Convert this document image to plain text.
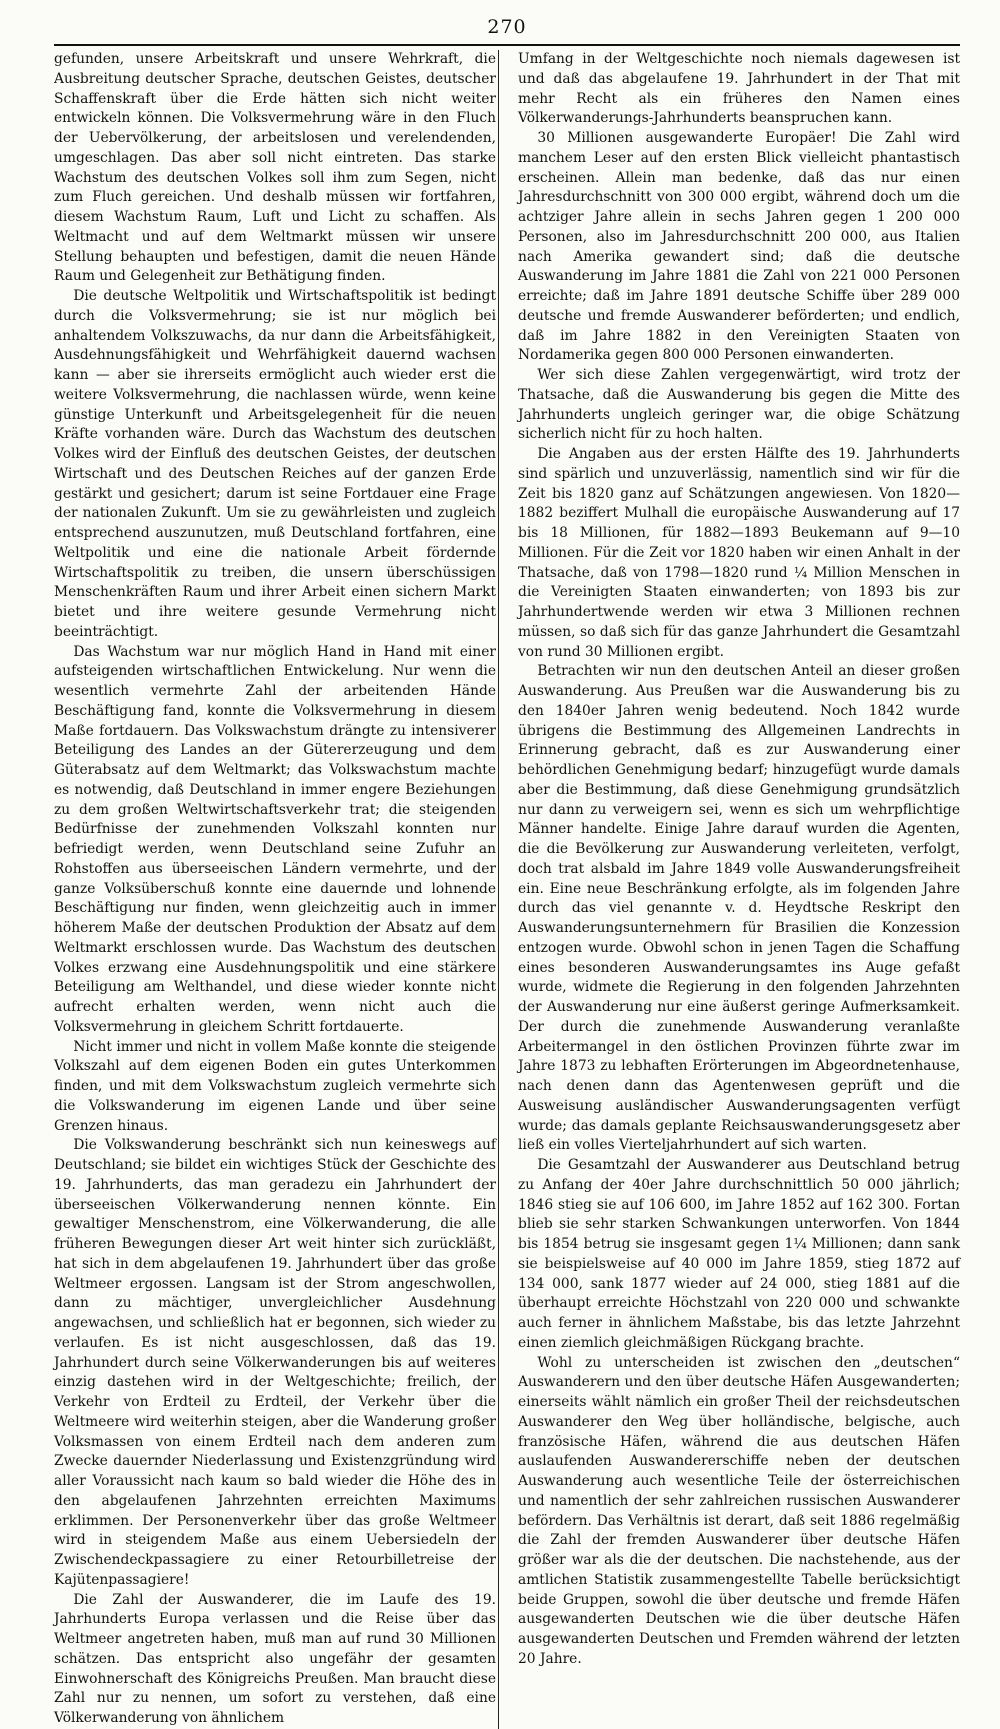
270

gefunden, unsere Arbeitskraft und unsere Wehrkraft, die Ausbreitung deutscher Sprache, deutschen Geistes, deutscher Schaffenskraft über die Erde hätten sich nicht weiter entwickeln können. Die Volksvermehrung wäre in den Fluch der Uebervölkerung, der arbeitslosen und verelendenden, umgeschlagen. Das aber soll nicht eintreten. Das starke Wachstum des deutschen Volkes soll ihm zum Segen, nicht zum Fluch gereichen. Und deshalb müssen wir fortfahren, diesem Wachstum Raum, Luft und Licht zu schaffen. Als Weltmacht und auf dem Weltmarkt müssen wir unsere Stellung behaupten und befestigen, damit die neuen Hände Raum und Gelegenheit zur Bethätigung finden.

Die deutsche Weltpolitik und Wirtschaftspolitik ist bedingt durch die Volksvermehrung; sie ist nur möglich bei anhaltendem Volkszuwachs, da nur dann die Arbeitsfähigkeit, Ausdehnungsfähigkeit und Wehrfähigkeit dauernd wachsen kann — aber sie ihrerseits ermöglicht auch wieder erst die weitere Volksvermehrung, die nachlassen würde, wenn keine günstige Unterkunft und Arbeitsgelegenheit für die neuen Kräfte vorhanden wäre. Durch das Wachstum des deutschen Volkes wird der Einfluß des deutschen Geistes, der deutschen Wirtschaft und des Deutschen Reiches auf der ganzen Erde gestärkt und gesichert; darum ist seine Fortdauer eine Frage der nationalen Zukunft. Um sie zu gewährleisten und zugleich entsprechend auszunutzen, muß Deutschland fortfahren, eine Weltpolitik und eine die nationale Arbeit fördernde Wirtschaftspolitik zu treiben, die unsern überschüssigen Menschenkräften Raum und ihrer Arbeit einen sichern Markt bietet und ihre weitere gesunde Vermehrung nicht beeinträchtigt.

Das Wachstum war nur möglich Hand in Hand mit einer aufsteigenden wirtschaftlichen Entwickelung. Nur wenn die wesentlich vermehrte Zahl der arbeitenden Hände Beschäftigung fand, konnte die Volksvermehrung in diesem Maße fortdauern. Das Volkswachstum drängte zu intensiverer Beteiligung des Landes an der Gütererzeugung und dem Güterabsatz auf dem Weltmarkt; das Volkswachstum machte es notwendig, daß Deutschland in immer engere Beziehungen zu dem großen Weltwirtschaftsverkehr trat; die steigenden Bedürfnisse der zunehmenden Volkszahl konnten nur befriedigt werden, wenn Deutschland seine Zufuhr an Rohstoffen aus überseeischen Ländern vermehrte, und der ganze Volksüberschuß konnte eine dauernde und lohnende Beschäftigung nur finden, wenn gleichzeitig auch in immer höherem Maße der deutschen Produktion der Absatz auf dem Weltmarkt erschlossen wurde. Das Wachstum des deutschen Volkes erzwang eine Ausdehnungspolitik und eine stärkere Beteiligung am Welthandel, und diese wieder konnte nicht aufrecht erhalten werden, wenn nicht auch die Volksvermehrung in gleichem Schritt fortdauerte.

Nicht immer und nicht in vollem Maße konnte die steigende Volkszahl auf dem eigenen Boden ein gutes Unterkommen finden, und mit dem Volkswachstum zugleich vermehrte sich die Volkswanderung im eigenen Lande und über seine Grenzen hinaus.

Die Volkswanderung beschränkt sich nun keineswegs auf Deutschland; sie bildet ein wichtiges Stück der Geschichte des 19. Jahrhunderts, das man geradezu ein Jahrhundert der überseeischen Völkerwanderung nennen könnte. Ein gewaltiger Menschenstrom, eine Völkerwanderung, die alle früheren Bewegungen dieser Art weit hinter sich zurückläßt, hat sich in dem abgelaufenen 19. Jahrhundert über das große Weltmeer ergossen. Langsam ist der Strom angeschwollen, dann zu mächtiger, unvergleichlicher Ausdehnung angewachsen, und schließlich hat er begonnen, sich wieder zu verlaufen. Es ist nicht ausgeschlossen, daß das 19. Jahrhundert durch seine Völkerwanderungen bis auf weiteres einzig dastehen wird in der Weltgeschichte; freilich, der Verkehr von Erdteil zu Erdteil, der Verkehr über die Weltmeere wird weiterhin steigen, aber die Wanderung großer Volksmassen von einem Erdteil nach dem anderen zum Zwecke dauernder Niederlassung und Existenzgründung wird aller Voraussicht nach kaum so bald wieder die Höhe des in den abgelaufenen Jahrzehnten erreichten Maximums erklimmen. Der Personenverkehr über das große Weltmeer wird in steigendem Maße aus einem Uebersiedeln der Zwischendeckpassagiere zu einer Retourbilletreise der Kajütenpassagiere!

Die Zahl der Auswanderer, die im Laufe des 19. Jahrhunderts Europa verlassen und die Reise über das Weltmeer angetreten haben, muß man auf rund 30 Millionen schätzen. Das entspricht also ungefähr der gesamten Einwohnerschaft des Königreichs Preußen. Man braucht diese Zahl nur zu nennen, um sofort zu verstehen, daß eine Völkerwanderung von ähnlichem

Umfang in der Weltgeschichte noch niemals dagewesen ist und daß das abgelaufene 19. Jahrhundert in der That mit mehr Recht als ein früheres den Namen eines Völkerwanderungs-Jahrhunderts beanspruchen kann.

30 Millionen ausgewanderte Europäer! Die Zahl wird manchem Leser auf den ersten Blick vielleicht phantastisch erscheinen. Allein man bedenke, daß das nur einen Jahresdurchschnitt von 300 000 ergibt, während doch um die achtziger Jahre allein in sechs Jahren gegen 1 200 000 Personen, also im Jahresdurchschnitt 200 000, aus Italien nach Amerika gewandert sind; daß die deutsche Auswanderung im Jahre 1881 die Zahl von 221 000 Personen erreichte; daß im Jahre 1891 deutsche Schiffe über 289 000 deutsche und fremde Auswanderer beförderten; und endlich, daß im Jahre 1882 in den Vereinigten Staaten von Nordamerika gegen 800 000 Personen einwanderten.

Wer sich diese Zahlen vergegenwärtigt, wird trotz der Thatsache, daß die Auswanderung bis gegen die Mitte des Jahrhunderts ungleich geringer war, die obige Schätzung sicherlich nicht für zu hoch halten.

Die Angaben aus der ersten Hälfte des 19. Jahrhunderts sind spärlich und unzuverlässig, namentlich sind wir für die Zeit bis 1820 ganz auf Schätzungen angewiesen. Von 1820—1882 beziffert Mulhall die europäische Auswanderung auf 17 bis 18 Millionen, für 1882—1893 Beukemann auf 9—10 Millionen. Für die Zeit vor 1820 haben wir einen Anhalt in der Thatsache, daß von 1798—1820 rund ¼ Million Menschen in die Vereinigten Staaten einwanderten; von 1893 bis zur Jahrhundertwende werden wir etwa 3 Millionen rechnen müssen, so daß sich für das ganze Jahrhundert die Gesamtzahl von rund 30 Millionen ergibt.

Betrachten wir nun den deutschen Anteil an dieser großen Auswanderung. Aus Preußen war die Auswanderung bis zu den 1840er Jahren wenig bedeutend. Noch 1842 wurde übrigens die Bestimmung des Allgemeinen Landrechts in Erinnerung gebracht, daß es zur Auswanderung einer behördlichen Genehmigung bedarf; hinzugefügt wurde damals aber die Bestimmung, daß diese Genehmigung grundsätzlich nur dann zu verweigern sei, wenn es sich um wehrpflichtige Männer handelte. Einige Jahre darauf wurden die Agenten, die die Bevölkerung zur Auswanderung verleiteten, verfolgt, doch trat alsbald im Jahre 1849 volle Auswanderungsfreiheit ein. Eine neue Beschränkung erfolgte, als im folgenden Jahre durch das viel genannte v. d. Heydtsche Reskript den Auswanderungsunternehmern für Brasilien die Konzession entzogen wurde. Obwohl schon in jenen Tagen die Schaffung eines besonderen Auswanderungsamtes ins Auge gefaßt wurde, widmete die Regierung in den folgenden Jahrzehnten der Auswanderung nur eine äußerst geringe Aufmerksamkeit. Der durch die zunehmende Auswanderung veranlaßte Arbeitermangel in den östlichen Provinzen führte zwar im Jahre 1873 zu lebhaften Erörterungen im Abgeordnetenhause, nach denen dann das Agentenwesen geprüft und die Ausweisung ausländischer Auswanderungsagenten verfügt wurde; das damals geplante Reichsauswanderungsgesetz aber ließ ein volles Vierteljahrhundert auf sich warten.

Die Gesamtzahl der Auswanderer aus Deutschland betrug zu Anfang der 40er Jahre durchschnittlich 50 000 jährlich; 1846 stieg sie auf 106 600, im Jahre 1852 auf 162 300. Fortan blieb sie sehr starken Schwankungen unterworfen. Von 1844 bis 1854 betrug sie insgesamt gegen 1¼ Millionen; dann sank sie beispielsweise auf 40 000 im Jahre 1859, stieg 1872 auf 134 000, sank 1877 wieder auf 24 000, stieg 1881 auf die überhaupt erreichte Höchstzahl von 220 000 und schwankte auch ferner in ähnlichem Maßstabe, bis das letzte Jahrzehnt einen ziemlich gleichmäßigen Rückgang brachte.

Wohl zu unterscheiden ist zwischen den „deutschen“ Auswanderern und den über deutsche Häfen Ausgewanderten; einerseits wählt nämlich ein großer Theil der reichsdeutschen Auswanderer den Weg über holländische, belgische, auch französische Häfen, während die aus deutschen Häfen auslaufenden Auswandererschiffe neben der deutschen Auswanderung auch wesentliche Teile der österreichischen und namentlich der sehr zahlreichen russischen Auswanderer befördern. Das Verhältnis ist derart, daß seit 1886 regelmäßig die Zahl der fremden Auswanderer über deutsche Häfen größer war als die der deutschen. Die nachstehende, aus der amtlichen Statistik zusammengestellte Tabelle berücksichtigt beide Gruppen, sowohl die über deutsche und fremde Häfen ausgewanderten Deutschen wie die über deutsche Häfen ausgewanderten Deutschen und Fremden während der letzten 20 Jahre.
